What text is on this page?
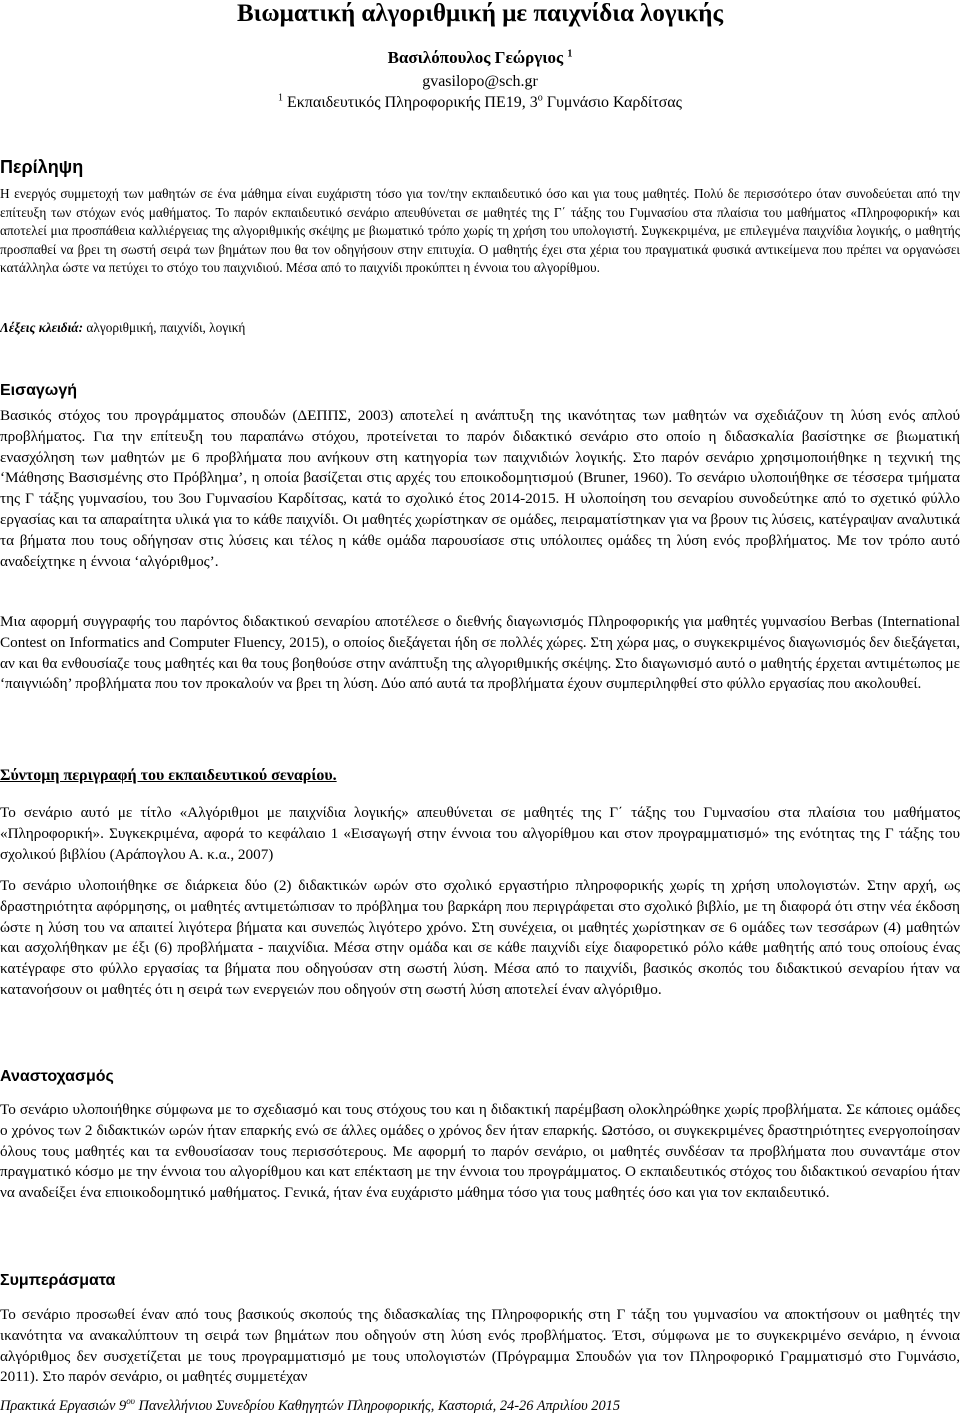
Βιωματική αλγοριθμική με παιχνίδια λογικής
Βασιλόπουλος Γεώργιος $^1$
gvasilopo@sch.gr
$^1$ Εκπαιδευτικός Πληροφορικής ΠΕ19, $3^o$ Γυμνάσιο Καρδίτσας
Περίληψη

Η ενεργός συμμετοχή των μαθητών σε ένα μάθημα είναι ευχάριστη τόσο για τον/την εκπαιδευτικό όσο και για τους μαθητές. Πολύ δε περισσότερο όταν συνοδεύεται από την επίτευξη των στόχων ενός μαθήματος. Το παρόν εκπαιδευτικό σενάριο απευθύνεται σε μαθητές της Γ΄ τάξης του Γυμνασίου στα πλαίσια του μαθήματος «Πληροφορική» και αποτελεί μια προσπάθεια καλλιέργειας της αλγοριθμικής σκέψης με βιωματικό τρόπο χωρίς τη χρήση του υπολογιστή. Συγκεκριμένα, με επιλεγμένα παιχνίδια λογικής, ο μαθητής προσπαθεί να βρει τη σωστή σειρά των βημάτων που θα τον οδηγήσουν στην επιτυχία. Ο μαθητής έχει στα χέρια του πραγματικά φυσικά αντικείμενα που πρέπει να οργανώσει κατάλληλα ώστε να πετύχει το στόχο του παιχνιδιού. Μέσα από το παιχνίδι προκύπτει η έννοια του αλγορίθμου.

Λέξεις κλειδιά: αλγοριθμική, παιχνίδι, λογική

Εισαγωγή

Βασικός στόχος του προγράμματος σπουδών (ΔΕΠΠΣ, 2003) αποτελεί η ανάπτυξη της ικανότητας των μαθητών να σχεδιάζουν τη λύση ενός απλού προβλήματος. Για την επίτευξη του παραπάνω στόχου, προτείνεται το παρόν διδακτικό σενάριο στο οποίο η διδασκαλία βασίστηκε σε βιωματική ενασχόληση των μαθητών με 6 προβλήματα που ανήκουν στη κατηγορία των παιχνιδιών λογικής. Στο παρόν σενάριο χρησιμοποιήθηκε η τεχνική της ‘Μάθησης Βασισμένης στο Πρόβλημα’, η οποία βασίζεται στις αρχές του εποικοδομητισμού (Bruner, 1960). Το σενάριο υλοποιήθηκε σε τέσσερα τμήματα της Γ τάξης γυμνασίου, του 3ου Γυμνασίου Καρδίτσας, κατά το σχολικό έτος 2014-2015. Η υλοποίηση του σεναρίου συνοδεύτηκε από το σχετικό φύλλο εργασίας και τα απαραίτητα υλικά για το κάθε παιχνίδι. Οι μαθητές χωρίστηκαν σε ομάδες, πειραματίστηκαν για να βρουν τις λύσεις, κατέγραψαν αναλυτικά τα βήματα που τους οδήγησαν στις λύσεις και τέλος η κάθε ομάδα παρουσίασε στις υπόλοιπες ομάδες τη λύση ενός προβλήματος. Με τον τρόπο αυτό αναδείχτηκε η έννοια ‘αλγόριθμος’.

Μια αφορμή συγγραφής του παρόντος διδακτικού σεναρίου αποτέλεσε ο διεθνής διαγωνισμός Πληροφορικής για μαθητές γυμνασίου Berbas (International Contest on Informatics and Computer Fluency, 2015), ο οποίος διεξάγεται ήδη σε πολλές χώρες. Στη χώρα μας, ο συγκεκριμένος διαγωνισμός δεν διεξάγεται, αν και θα ενθουσίαζε τους μαθητές και θα τους βοηθούσε στην ανάπτυξη της αλγοριθμικής σκέψης. Στο διαγωνισμό αυτό ο μαθητής έρχεται αντιμέτωπος με ‘παιγνιώδη’ προβλήματα που τον προκαλούν να βρει τη λύση. Δύο από αυτά τα προβλήματα έχουν συμπεριληφθεί στο φύλλο εργασίας που ακολουθεί.

Σύντομη περιγραφή του εκπαιδευτικού σεναρίου.

Το σενάριο αυτό με τίτλο «Αλγόριθμοι με παιχνίδια λογικής» απευθύνεται σε μαθητές της Γ΄ τάξης του Γυμνασίου στα πλαίσια του μαθήματος «Πληροφορική». Συγκεκριμένα, αφορά το κεφάλαιο 1 «Εισαγωγή στην έννοια του αλγορίθμου και στον προγραμματισμό» της ενότητας της Γ τάξης του σχολικού βιβλίου (Αράπογλου Α. κ.α., 2007)

Το σενάριο υλοποιήθηκε σε διάρκεια δύο (2) διδακτικών ωρών στο σχολικό εργαστήριο πληροφορικής χωρίς τη χρήση υπολογιστών. Στην αρχή, ως δραστηριότητα αφόρμησης, οι μαθητές αντιμετώπισαν το πρόβλημα του βαρκάρη που περιγράφεται στο σχολικό βιβλίο, με τη διαφορά ότι στην νέα έκδοση ώστε η λύση του να απαιτεί λιγότερα βήματα και συνεπώς λιγότερο χρόνο. Στη συνέχεια, οι μαθητές χωρίστηκαν σε 6 ομάδες των τεσσάρων (4) μαθητών και ασχολήθηκαν με έξι (6) προβλήματα - παιχνίδια. Μέσα στην ομάδα και σε κάθε παιχνίδι είχε διαφορετικό ρόλο κάθε μαθητής από τους οποίους ένας κατέγραφε στο φύλλο εργασίας τα βήματα που οδηγούσαν στη σωστή λύση. Μέσα από το παιχνίδι, βασικός σκοπός του διδακτικού σεναρίου ήταν να κατανοήσουν οι μαθητές ότι η σειρά των ενεργειών που οδηγούν στη σωστή λύση αποτελεί έναν αλγόριθμο.

Αναστοχασμός

Το σενάριο υλοποιήθηκε σύμφωνα με το σχεδιασμό και τους στόχους του και η διδακτική παρέμβαση ολοκληρώθηκε χωρίς προβλήματα. Σε κάποιες ομάδες ο χρόνος των 2 διδακτικών ωρών ήταν επαρκής ενώ σε άλλες ομάδες ο χρόνος δεν ήταν επαρκής. Ωστόσο, οι συγκεκριμένες δραστηριότητες ενεργοποίησαν όλους τους μαθητές και τα ενθουσίασαν τους περισσότερους. Με αφορμή το παρόν σενάριο, οι μαθητές συνδέσαν τα προβλήματα που συναντάμε στον πραγματικό κόσμο με την έννοια του αλγορίθμου και κατ επέκταση με την έννοια του προγράμματος. Ο εκπαιδευτικός στόχος του διδακτικού σεναρίου ήταν να αναδείξει ένα επιοικοδομητικό μαθήματος. Γενικά, ήταν ένα ευχάριστο μάθημα τόσο για τους μαθητές όσο και για τον εκπαιδευτικό.

Συμπεράσματα

Το σενάριο προσωθεί έναν από τους βασικούς σκοπούς της διδασκαλίας της Πληροφορικής στη Γ τάξη του γυμνασίου να αποκτήσουν οι μαθητές την ικανότητα να ανακαλύπτουν τη σειρά των βημάτων που οδηγούν στη λύση ενός προβλήματος. Έτσι, σύμφωνα με το συγκεκριμένο σενάριο, η έννοια αλγόριθμος δεν συσχετίζεται με τους προγραμματισμό με τους υπολογιστών (Πρόγραμμα Σπουδών για τον Πληροφορικό Γραμματισμό στο Γυμνάσιο, 2011). Στο παρόν σενάριο, οι μαθητές συμμετέχαν

Πρακτικά Εργασιών $9^{o\upsilon}$ Πανελλήνιου Συνεδρίου Καθηγητών Πληροφορικής, Καστοριά, 24-26 Απριλίου 2015
